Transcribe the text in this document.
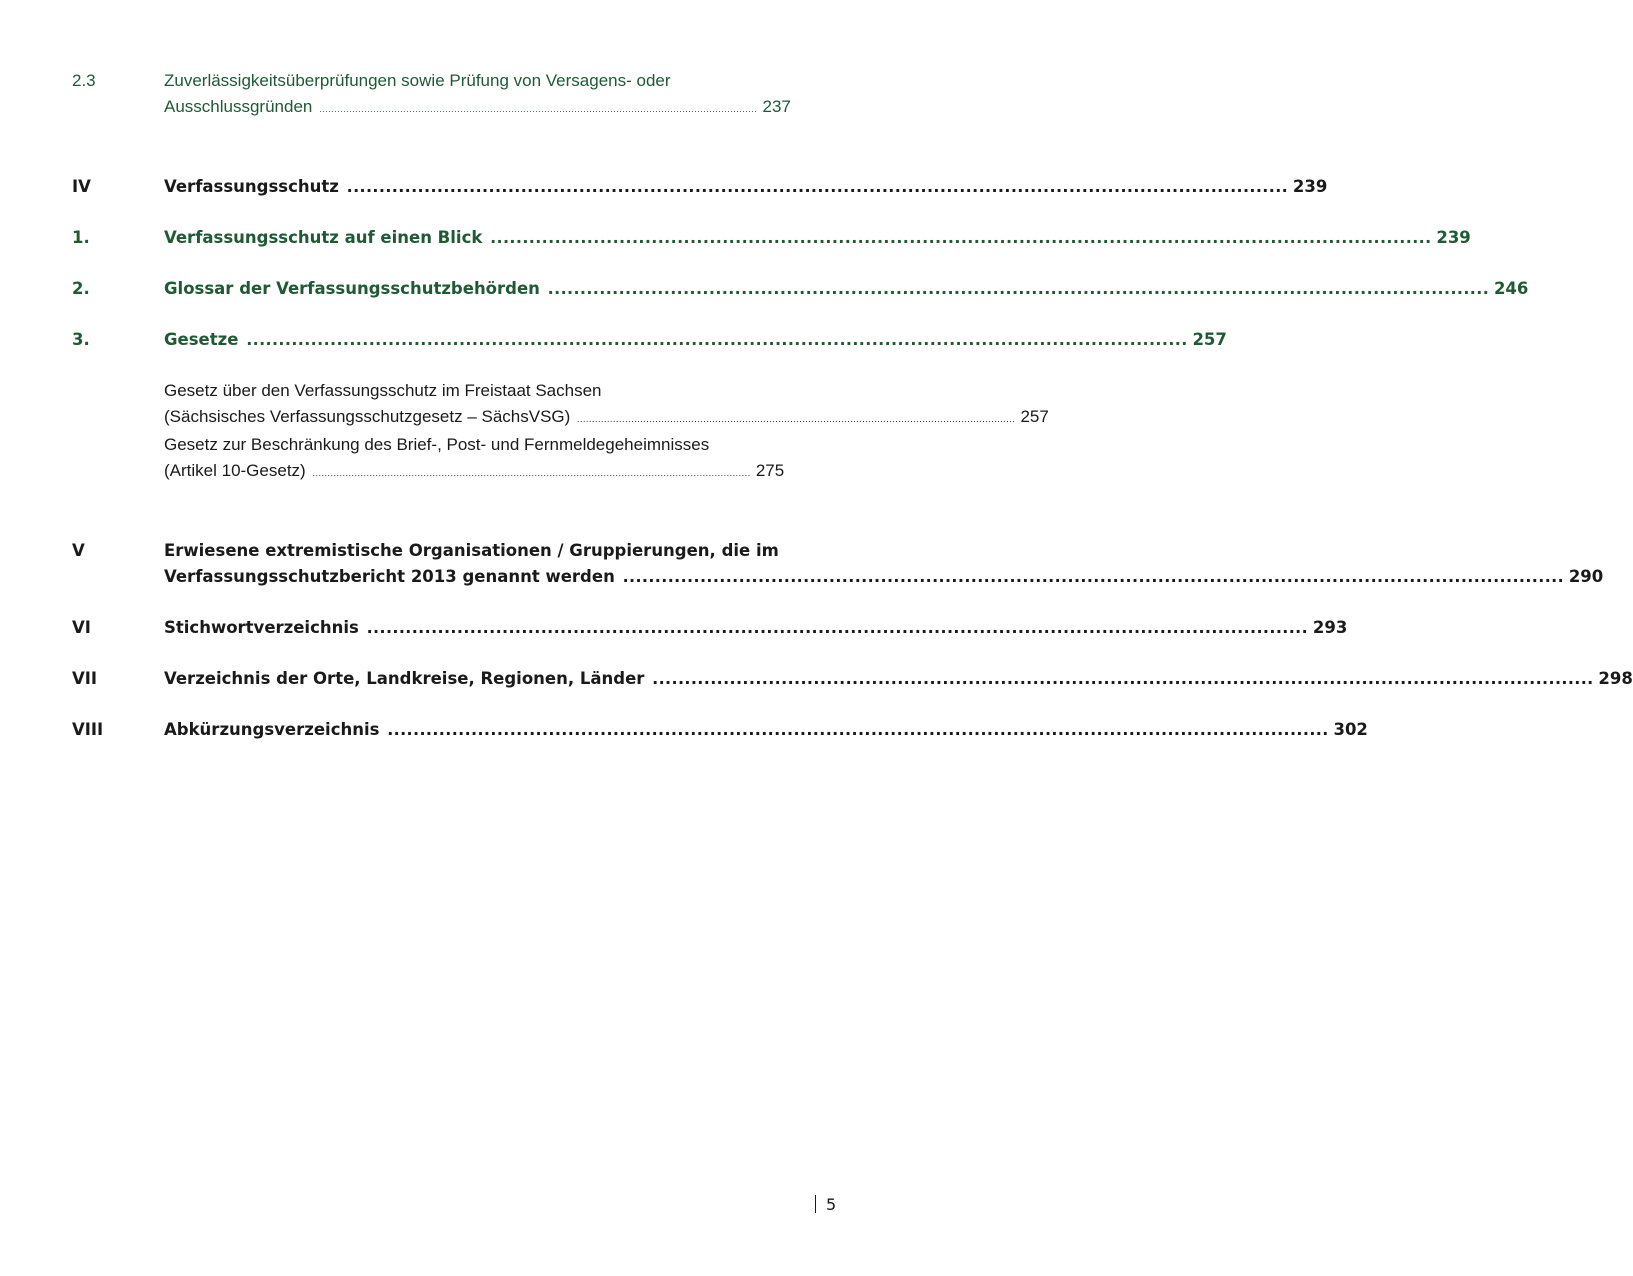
2.3	Zuverlässigkeitsüberprüfungen sowie Prüfung von Versagens- oder
Ausschlussgründen . . .	237
IV	Verfassungsschutz . . .	239
1.	Verfassungsschutz auf einen Blick . . .	239
2.	Glossar der Verfassungsschutzbehörden . . .	246
3.	Gesetze . . .	257
Gesetz über den Verfassungsschutz im Freistaat Sachsen
(Sächsisches Verfassungsschutzgesetz – SächsVSG) . . .	257
Gesetz zur Beschränkung des Brief-, Post- und Fernmeldegeheimnisses
(Artikel 10-Gesetz) . . .	275
V	Erwiesene extremistische Organisationen / Gruppierungen, die im
Verfassungsschutzbericht 2013 genannt werden . . .	290
VI	Stichwortverzeichnis . . .	293
VII	Verzeichnis der Orte, Landkreise, Regionen, Länder . . .	298
VIII	Abkürzungsverzeichnis . . .	302
5
